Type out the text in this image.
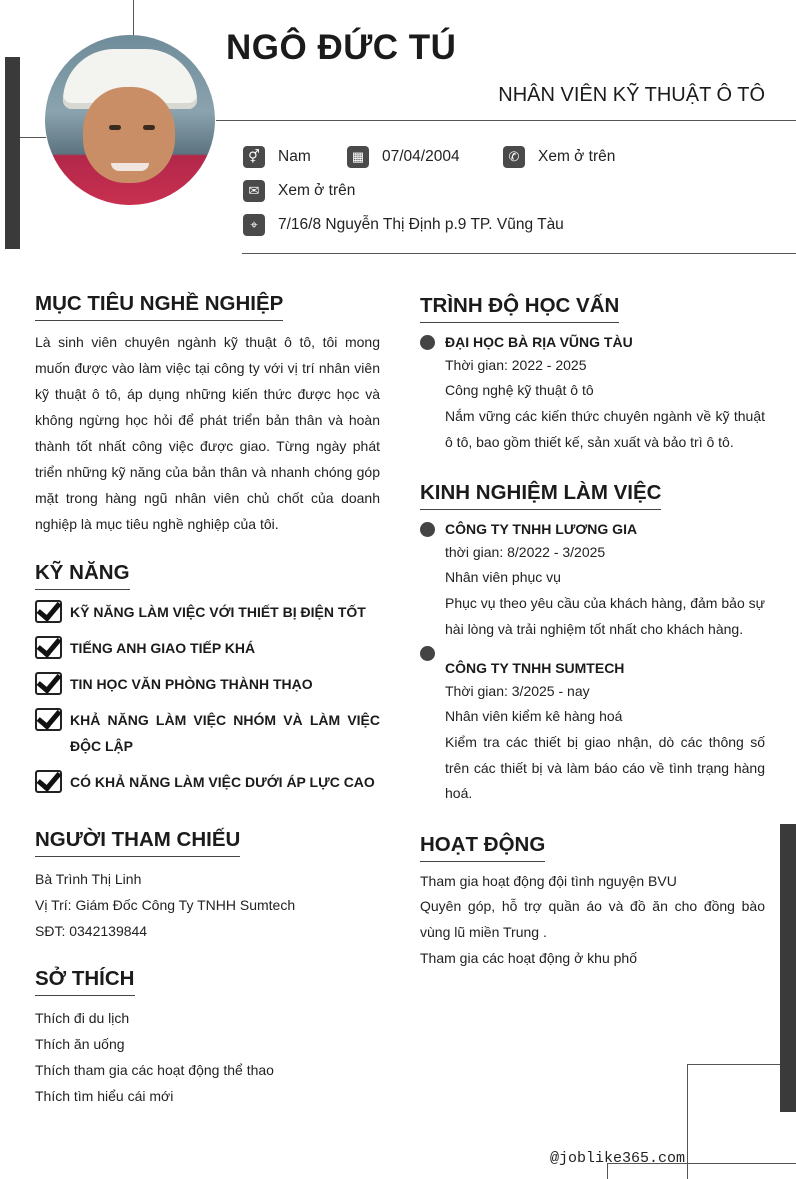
NGÔ ĐỨC TÚ
NHÂN VIÊN KỸ THUẬT Ô TÔ
⚥	Nam	▦	07/04/2004	✆	Xem ở trên
✉	Xem ở trên
⌖	7/16/8 Nguyễn Thị Định p.9 TP. Vũng Tàu
MỤC TIÊU NGHỀ NGHIỆP
Là sinh viên chuyên ngành kỹ thuật ô tô, tôi mong muốn được vào làm việc tại công ty với vị trí nhân viên kỹ thuật ô tô, áp dụng những kiến thức được học và không ngừng học hỏi để phát triển bản thân và hoàn thành tốt nhất công việc được giao. Từng ngày phát triển những kỹ năng của bản thân và nhanh chóng góp mặt trong hàng ngũ nhân viên chủ chốt của doanh nghiệp là mục tiêu nghề nghiệp của tôi.
KỸ NĂNG
KỸ NĂNG LÀM VIỆC VỚI THIẾT BỊ ĐIỆN TỐT
TIẾNG ANH GIAO TIẾP KHÁ
TIN HỌC VĂN PHÒNG THÀNH THẠO
KHẢ NĂNG LÀM VIỆC NHÓM VÀ LÀM VIỆC ĐỘC LẬP
CÓ KHẢ NĂNG LÀM VIỆC DƯỚI ÁP LỰC CAO
NGƯỜI THAM CHIẾU
Bà Trình Thị Linh
Vị Trí: Giám Đốc Công Ty TNHH Sumtech
SĐT: 0342139844
SỞ THÍCH
Thích đi du lịch
Thích ăn uống
Thích tham gia các hoạt động thể thao
Thích tìm hiểu cái mới
TRÌNH ĐỘ HỌC VẤN
ĐẠI HỌC BÀ RỊA VŨNG TÀU
Thời gian: 2022 - 2025
Công nghệ kỹ thuật ô tô
Nắm vững các kiến thức chuyên ngành về kỹ thuật ô tô, bao gồm thiết kế, sản xuất và bảo trì ô tô.
KINH NGHIỆM LÀM VIỆC
CÔNG TY TNHH LƯƠNG GIA
thời gian: 8/2022 - 3/2025
Nhân viên phục vụ
Phục vụ theo yêu cầu của khách hàng, đảm bảo sự hài lòng và trải nghiệm tốt nhất cho khách hàng.
CÔNG TY TNHH SUMTECH
Thời gian: 3/2025 - nay
Nhân viên kiểm kê hàng hoá
Kiểm tra các thiết bị giao nhận, dò các thông số trên các thiết bị và làm báo cáo về tình trạng hàng hoá.
HOẠT ĐỘNG
Tham gia hoạt động đội tình nguyện BVU
Quyên góp, hỗ trợ quần áo và đồ ăn cho đồng bào vùng lũ miền Trung .
Tham gia các hoạt động ở khu phố
@joblike365.com
